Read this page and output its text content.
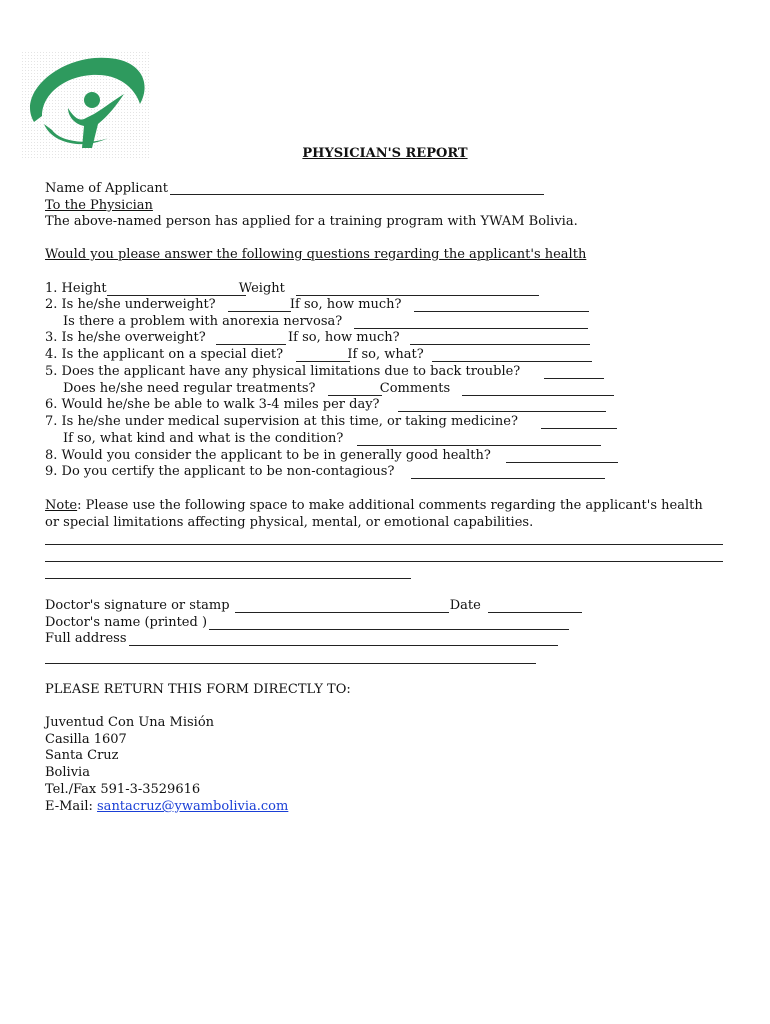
PHYSICIAN'S REPORT
Name of Applicant
To the Physician
The above-named person has applied for a training program with YWAM Bolivia.
Would you please answer the following questions regarding the applicant's health
1. Height	Weight
2. Is he/she underweight?	If so, how much?
Is there a problem with anorexia nervosa?
3. Is he/she overweight?	If so, how much?
4. Is the applicant on a special diet?	If so, what?
5. Does the applicant have any physical limitations due to back trouble?
Does he/she need regular treatments?	Comments
6. Would he/she be able to walk 3-4 miles per day?
7. Is he/she under medical supervision at this time, or taking medicine?
If so, what kind and what is the condition?
8. Would you consider the applicant to be in generally good health?
9. Do you certify the applicant to be non-contagious?
Note: Please use the following space to make additional comments regarding the applicant's health
or special limitations affecting physical, mental, or emotional capabilities.
Doctor's signature or stamp	Date
Doctor's name (printed )
Full address
PLEASE RETURN THIS FORM DIRECTLY TO:
Juventud Con Una Misión
Casilla 1607
Santa Cruz
Bolivia
Tel./Fax 591-3-3529616
E-Mail: santacruz@ywambolivia.com
